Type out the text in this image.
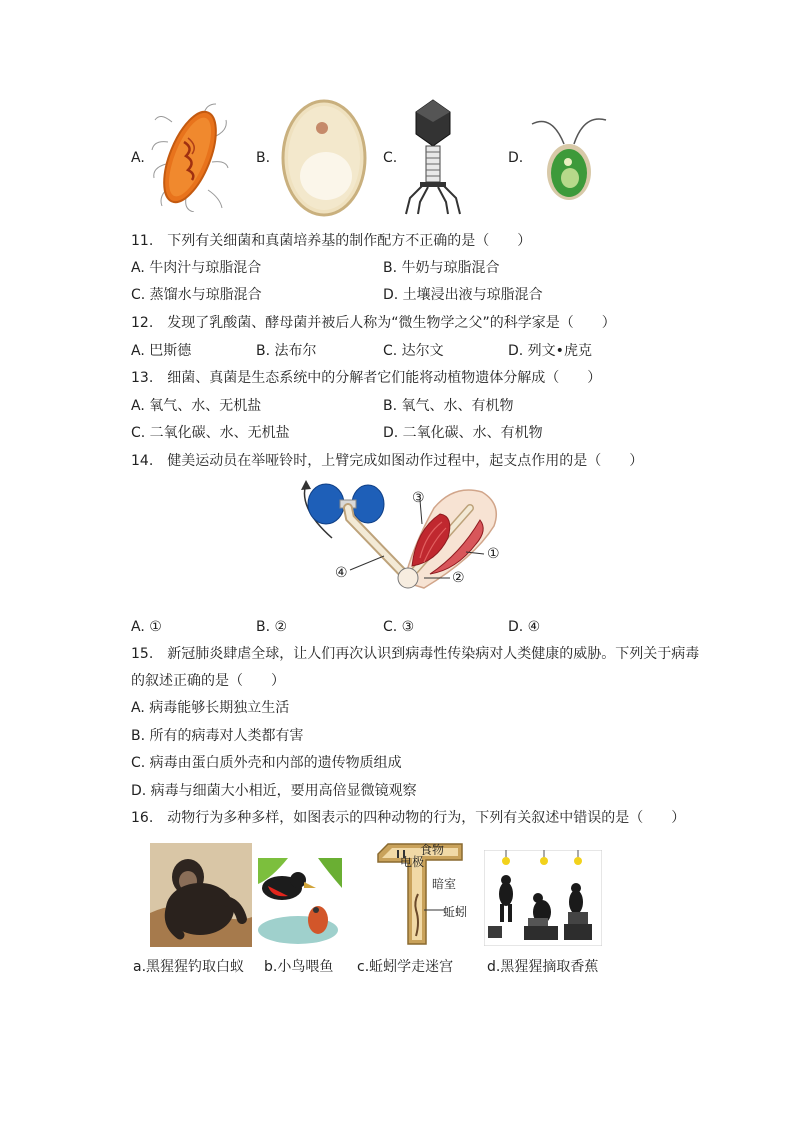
A.	B.	C.	D.
11.　下列有关细菌和真菌培养基的制作配方不正确的是（　　）
A. 牛肉汁与琼脂混合	B. 牛奶与琼脂混合
C. 蒸馏水与琼脂混合	D. 土壤浸出液与琼脂混合
12.　发现了乳酸菌、酵母菌并被后人称为“微生物学之父”的科学家是（　　）
A. 巴斯德	B. 法布尔	C. 达尔文	D. 列文•虎克
13.　细菌、真菌是生态系统中的分解者它们能将动植物遗体分解成（　　）
A. 氧气、水、无机盐	B. 氧气、水、有机物
C. 二氧化碳、水、无机盐	D. 二氧化碳、水、有机物
14.　健美运动员在举哑铃时，上臂完成如图动作过程中，起支点作用的是（　　）
③
①
②
④
A. ①	B. ②	C. ③	D. ④
15.　新冠肺炎肆虐全球，让人们再次认识到病毒性传染病对人类健康的威胁。下列关于病毒
的叙述正确的是（　　）
A. 病毒能够长期独立生活
B. 所有的病毒对人类都有害
C. 病毒由蛋白质外壳和内部的遗传物质组成
D. 病毒与细菌大小相近，要用高倍显微镜观察
16.　动物行为多种多样，如图表示的四种动物的行为，下列有关叙述中错误的是（　　）
食物
电极
暗室
蚯蚓
a.黑猩猩钓取白蚁 b.小鸟喂鱼 c.蚯蚓学走迷宫 d.黑猩猩摘取香蕉
